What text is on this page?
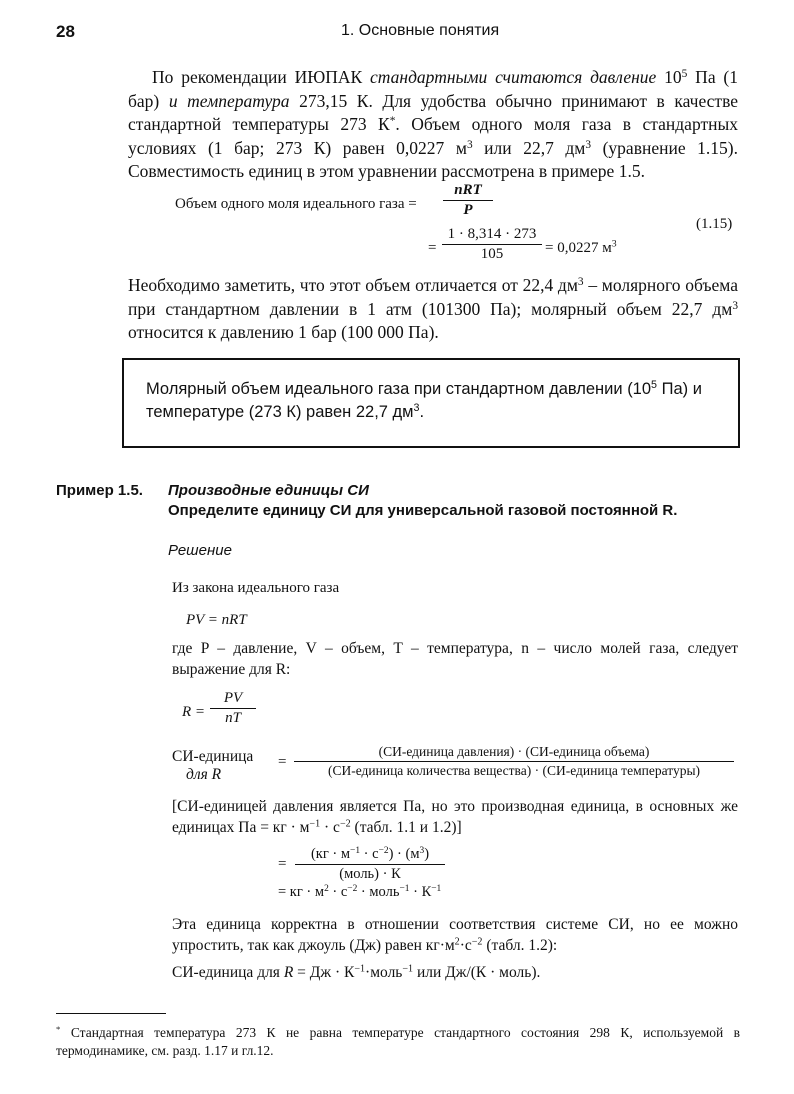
28	1. Основные понятия
По рекомендации ИЮПАК стандартными считаются давление $10^5$ Па (1 бар) и температура 273,15 К. Для удобства обычно принимают в качестве стандартной температуры 273 К*. Объем одного моля газа в стандартных условиях (1 бар; 273 К) равен 0,0227 $м^3$ или 22,7 $дм^3$ (уравнение 1.15). Совместимость единиц в этом уравнении рассмотрена в примере 1.5.
Объем одного моля идеального газа =
nRT
P
= $\frac{1 \cdot 8,314 \cdot 273}{105} = 0,0227$ $м^3$
(1.15)
Необходимо заметить, что этот объем отличается от 22,4 $дм^3$ – молярного объема при стандартном давлении в 1 атм (101300 Па); молярный объем 22,7 $дм^3$ относится к давлению 1 бар (100 000 Па).
Молярный объем идеального газа при стандартном давлении ($10^5$ Па) и температуре (273 К) равен 22,7 $дм^3$.
Пример 1.5. Производные единицы СИ
Определите единицу СИ для универсальной газовой постоянной R.
Решение
Из закона идеального газа
PV = nRT
где P – давление, V – объем, T – температура, n – число молей газа, следует выражение для R:
$R = \frac{PV}{nT}$
СИ-единица
для R
=
(СИ-единица давления) · (СИ-единица объема)
(СИ-единица количества вещества) · (СИ-единица температуры)
[СИ-единицей давления является Па, но это производная единица, в основных же единицах Па = кг · $м^{-1} \cdot с^{-2}$ (табл. 1.1 и 1.2)]
=
$(кг \cdot м^{-1} \cdot с^{-2}) \cdot (м^3)$
(моль) · К
= кг · $м^2 \cdot с^{-2}$ · моль$^{-1}$ · $К^{-1}$
Эта единица корректна в отношении соответствия системе СИ, но ее можно упростить, так как джоуль (Дж) равен $кг\cdot м^2\cdot с^{-2}$ (табл. 1.2):
СИ-единица для R = Дж · $К^{-1}\cdot моль^{-1}$ или Дж/(К · моль).
* Стандартная температура 273 К не равна температуре стандартного состояния 298 К, используемой в термодинамике, см. разд. 1.17 и гл.12.
